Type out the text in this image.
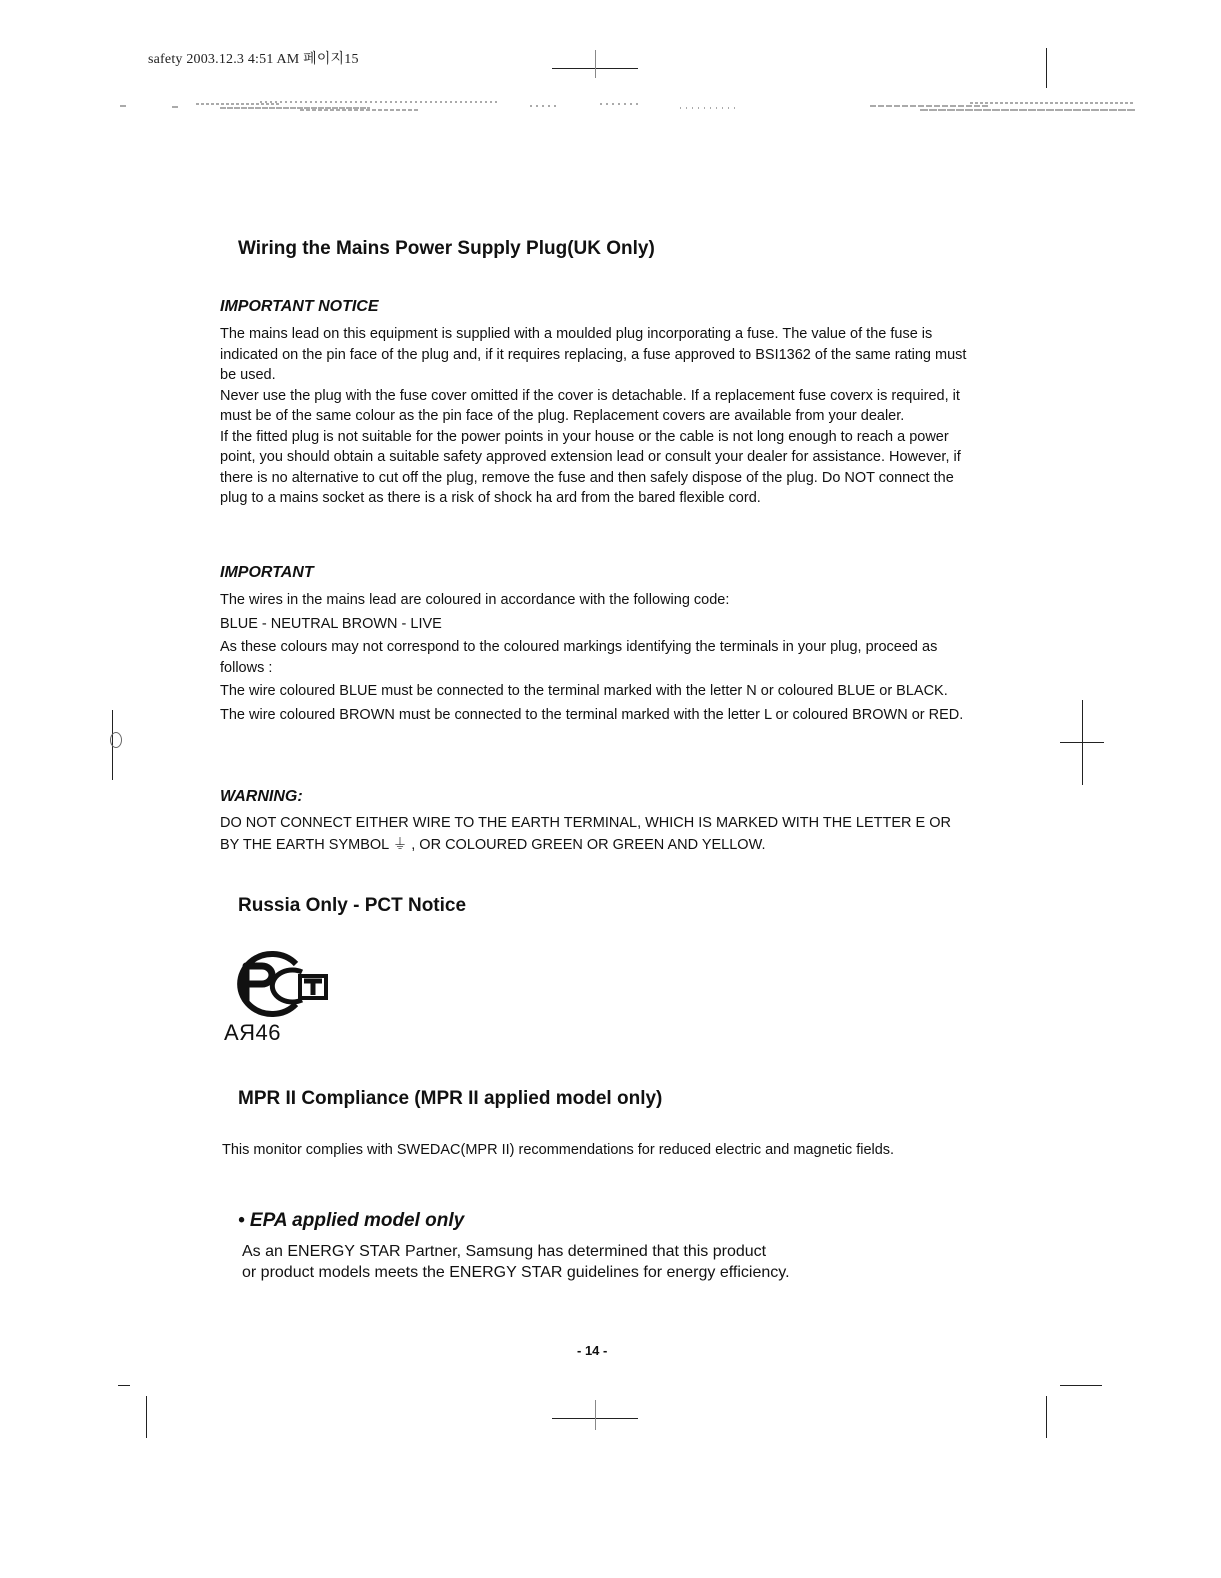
safety 2003.12.3 4:51 AM 페이지15
Wiring the Mains Power Supply Plug(UK Only)
IMPORTANT NOTICE

The mains lead on this equipment is supplied with a moulded plug incorporating a fuse. The value of the fuse is indicated on the pin face of the plug and, if it requires replacing, a fuse approved to BSI1362 of the same rating must be used.

Never use the plug with the fuse cover omitted if the cover is detachable. If a replacement fuse coverx is required, it must be of the same colour as the pin face of the plug. Replacement covers are available from your dealer.

If the fitted plug is not suitable for the power points in your house or the cable is not long enough to reach a power point, you should obtain a suitable safety approved extension lead or consult your dealer for assistance. However, if there is no alternative to cut off the plug, remove the fuse and then safely dispose of the plug. Do NOT connect the plug to a mains socket as there is a risk of shock ha ard from the bared flexible cord.

IMPORTANT

The wires in the mains lead are coloured in accordance with the following code:

BLUE - NEUTRAL BROWN - LIVE

As these colours may not correspond to the coloured markings identifying the terminals in your plug, proceed as follows :

The wire coloured BLUE must be connected to the terminal marked with the letter N or coloured BLUE or BLACK.

The wire coloured BROWN must be connected to the terminal marked with the letter L or coloured BROWN or RED.

WARNING:
DO NOT CONNECT EITHER WIRE TO THE EARTH TERMINAL, WHICH IS MARKED WITH THE LETTER E OR BY THE EARTH SYMBOL ⏚ , OR COLOURED GREEN OR GREEN AND YELLOW.
Russia Only - PCT Notice
AЯ46
MPR II Compliance (MPR II applied model only)
This monitor complies with SWEDAC(MPR II) recommendations for reduced electric and magnetic fields.
• EPA applied model only
As an ENERGY STAR Partner, Samsung has determined that this product
or product models meets the ENERGY STAR guidelines for energy efficiency.
- 14 -
